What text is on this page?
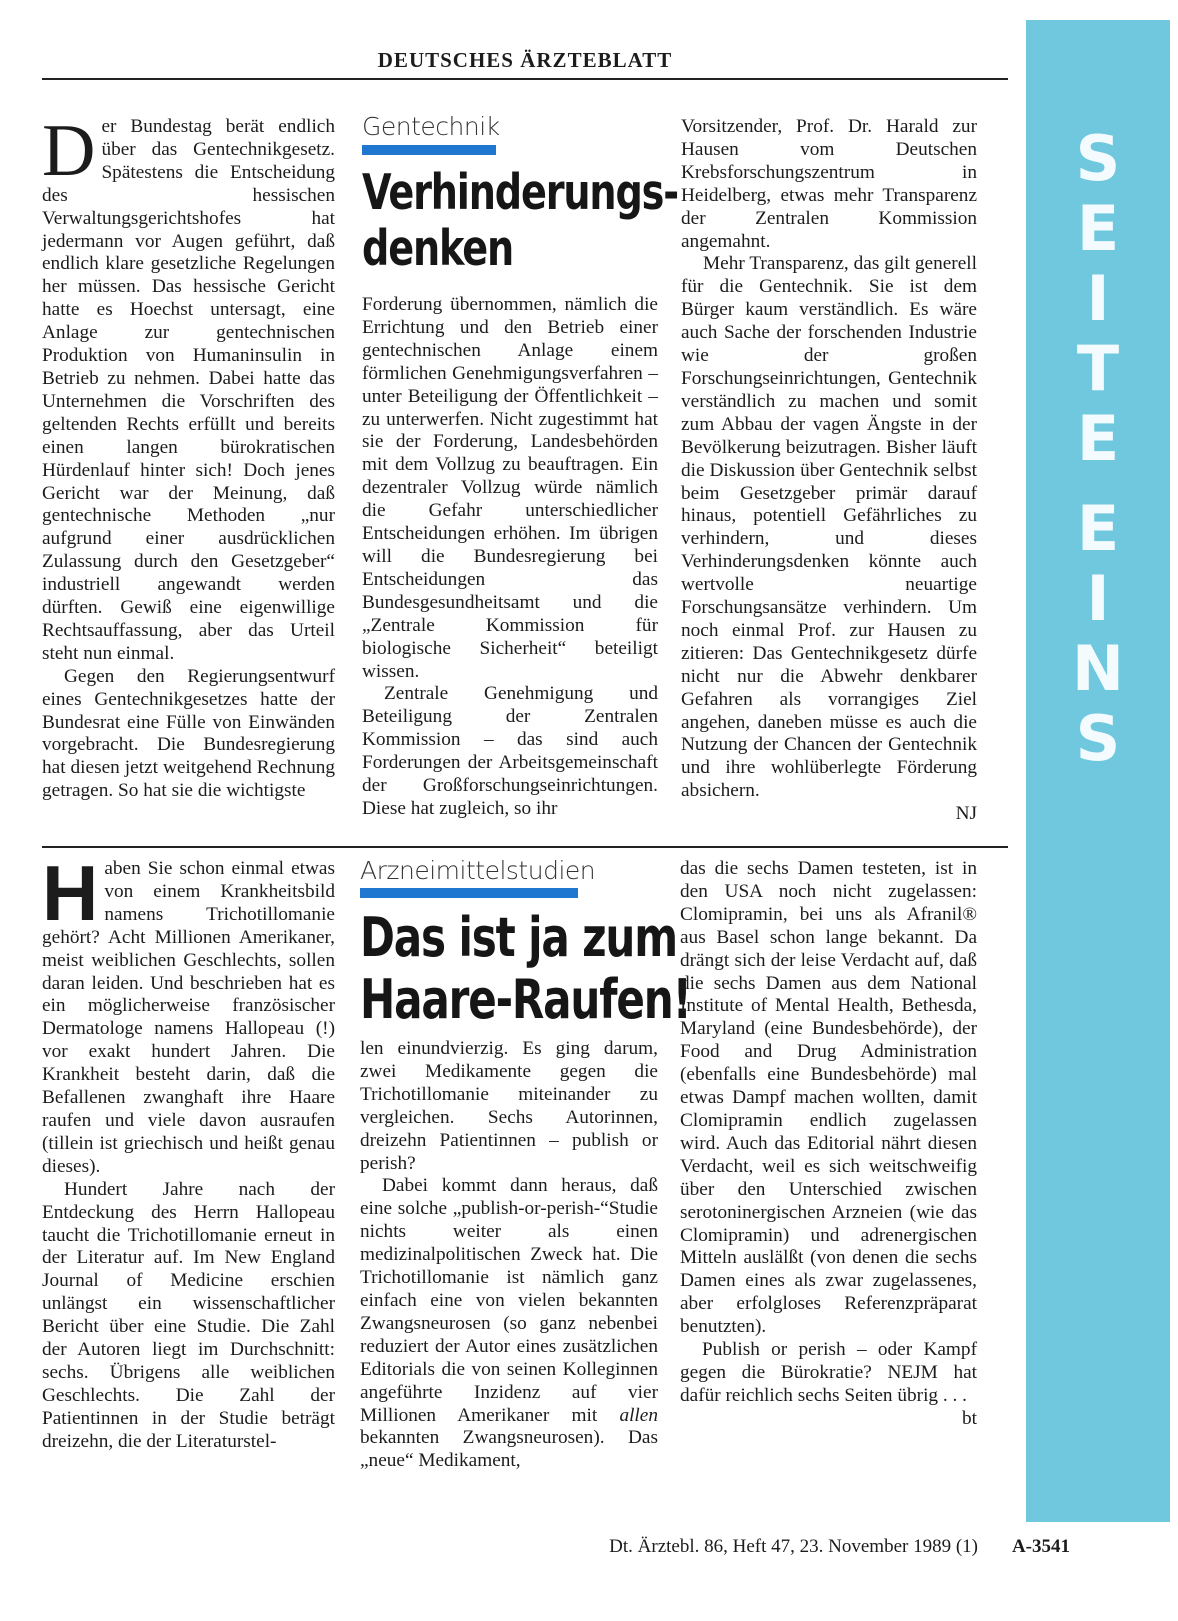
DEUTSCHES ÄRZTEBLATT
S
E
I
T
E
E
I
N
S
D er Bundestag berät endlich über das Gentechnikgesetz. Spätestens die Entscheidung des hessischen Verwaltungsgerichtshofes hat jedermann vor Augen geführt, daß endlich klare gesetzliche Regelungen her müssen. Das hessische Gericht hatte es Hoechst untersagt, eine Anlage zur gentechnischen Produktion von Humaninsulin in Betrieb zu nehmen. Dabei hatte das Unternehmen die Vorschriften des geltenden Rechts erfüllt und bereits einen langen bürokratischen Hürdenlauf hinter sich! Doch jenes Gericht war der Meinung, daß gentechnische Methoden „nur aufgrund einer ausdrücklichen Zulassung durch den Gesetzgeber“ industriell angewandt werden dürften. Gewiß eine eigenwillige Rechtsauffassung, aber das Urteil steht nun einmal.

Gegen den Regierungsentwurf eines Gentechnikgesetzes hatte der Bundesrat eine Fülle von Einwänden vorgebracht. Die Bundesregierung hat diesen jetzt weitgehend Rechnung getragen. So hat sie die wichtigste

Gentechnik
Verhinderungs-
denken

Forderung übernommen, nämlich die Errichtung und den Betrieb einer gentechnischen Anlage einem förmlichen Genehmigungsverfahren – unter Beteiligung der Öffentlichkeit – zu unterwerfen. Nicht zugestimmt hat sie der Forderung, Landesbehörden mit dem Vollzug zu beauftragen. Ein dezentraler Vollzug würde nämlich die Gefahr unterschiedlicher Entscheidungen erhöhen. Im übrigen will die Bundesregierung bei Entscheidungen das Bundesgesundheitsamt und die „Zentrale Kommission für biologische Sicherheit“ beteiligt wissen.

Zentrale Genehmigung und Beteiligung der Zentralen Kommission – das sind auch Forderungen der Arbeitsgemeinschaft der Großforschungseinrichtungen. Diese hat zugleich, so ihr

Vorsitzender, Prof. Dr. Harald zur Hausen vom Deutschen Krebsforschungszentrum in Heidelberg, etwas mehr Transparenz der Zentralen Kommission angemahnt.

Mehr Transparenz, das gilt generell für die Gentechnik. Sie ist dem Bürger kaum verständlich. Es wäre auch Sache der forschenden Industrie wie der großen Forschungseinrichtungen, Gentechnik verständlich zu machen und somit zum Abbau der vagen Ängste in der Bevölkerung beizutragen. Bisher läuft die Diskussion über Gentechnik selbst beim Gesetzgeber primär darauf hinaus, potentiell Gefährliches zu verhindern, und dieses Verhinderungsdenken könnte auch wertvolle neuartige Forschungsansätze verhindern. Um noch einmal Prof. zur Hausen zu zitieren: Das Gentechnikgesetz dürfe nicht nur die Abwehr denkbarer Gefahren als vorrangiges Ziel angehen, daneben müsse es auch die Nutzung der Chancen der Gentechnik und ihre wohlüberlegte Förderung absichern.

NJ

H aben Sie schon einmal etwas von einem Krankheitsbild namens Trichotillomanie gehört? Acht Millionen Amerikaner, meist weiblichen Geschlechts, sollen daran leiden. Und beschrieben hat es ein möglicherweise französischer Dermatologe namens Hallopeau (!) vor exakt hundert Jahren. Die Krankheit besteht darin, daß die Befallenen zwanghaft ihre Haare raufen und viele davon ausraufen (tillein ist griechisch und heißt genau dieses).

Hundert Jahre nach der Entdeckung des Herrn Hallopeau taucht die Trichotillomanie erneut in der Literatur auf. Im New England Journal of Medicine erschien unlängst ein wissenschaftlicher Bericht über eine Studie. Die Zahl der Autoren liegt im Durchschnitt: sechs. Übrigens alle weiblichen Geschlechts. Die Zahl der Patientinnen in der Studie beträgt dreizehn, die der Literaturstel-

Arzneimittelstudien
Das ist ja zum
Haare-Raufen!

len einundvierzig. Es ging darum, zwei Medikamente gegen die Trichotillomanie miteinander zu vergleichen. Sechs Autorinnen, dreizehn Patientinnen – publish or perish?

Dabei kommt dann heraus, daß eine solche „publish-or-perish-“Studie nichts weiter als einen medizinalpolitischen Zweck hat. Die Trichotillomanie ist nämlich ganz einfach eine von vielen bekannten Zwangsneurosen (so ganz nebenbei reduziert der Autor eines zusätzlichen Editorials die von seinen Kolleginnen angeführte Inzidenz auf vier Millionen Amerikaner mit allen bekannten Zwangsneurosen). Das „neue“ Medikament,

das die sechs Damen testeten, ist in den USA noch nicht zugelassen: Clomipramin, bei uns als Afranil® aus Basel schon lange bekannt. Da drängt sich der leise Verdacht auf, daß die sechs Damen aus dem National Institute of Mental Health, Bethesda, Maryland (eine Bundesbehörde), der Food and Drug Administration (ebenfalls eine Bundesbehörde) mal etwas Dampf machen wollten, damit Clomipramin endlich zugelassen wird. Auch das Editorial nährt diesen Verdacht, weil es sich weitschweifig über den Unterschied zwischen serotoninergischen Arzneien (wie das Clomipramin) und adrenergischen Mitteln auslälßt (von denen die sechs Damen eines als zwar zugelassenes, aber erfolgloses Referenzpräparat benutzten).

Publish or perish – oder Kampf gegen die Bürokratie? NEJM hat dafür reichlich sechs Seiten übrig . . .

bt

Dt. Ärztebl. 86, Heft 47, 23. November 1989 (1) A-3541
